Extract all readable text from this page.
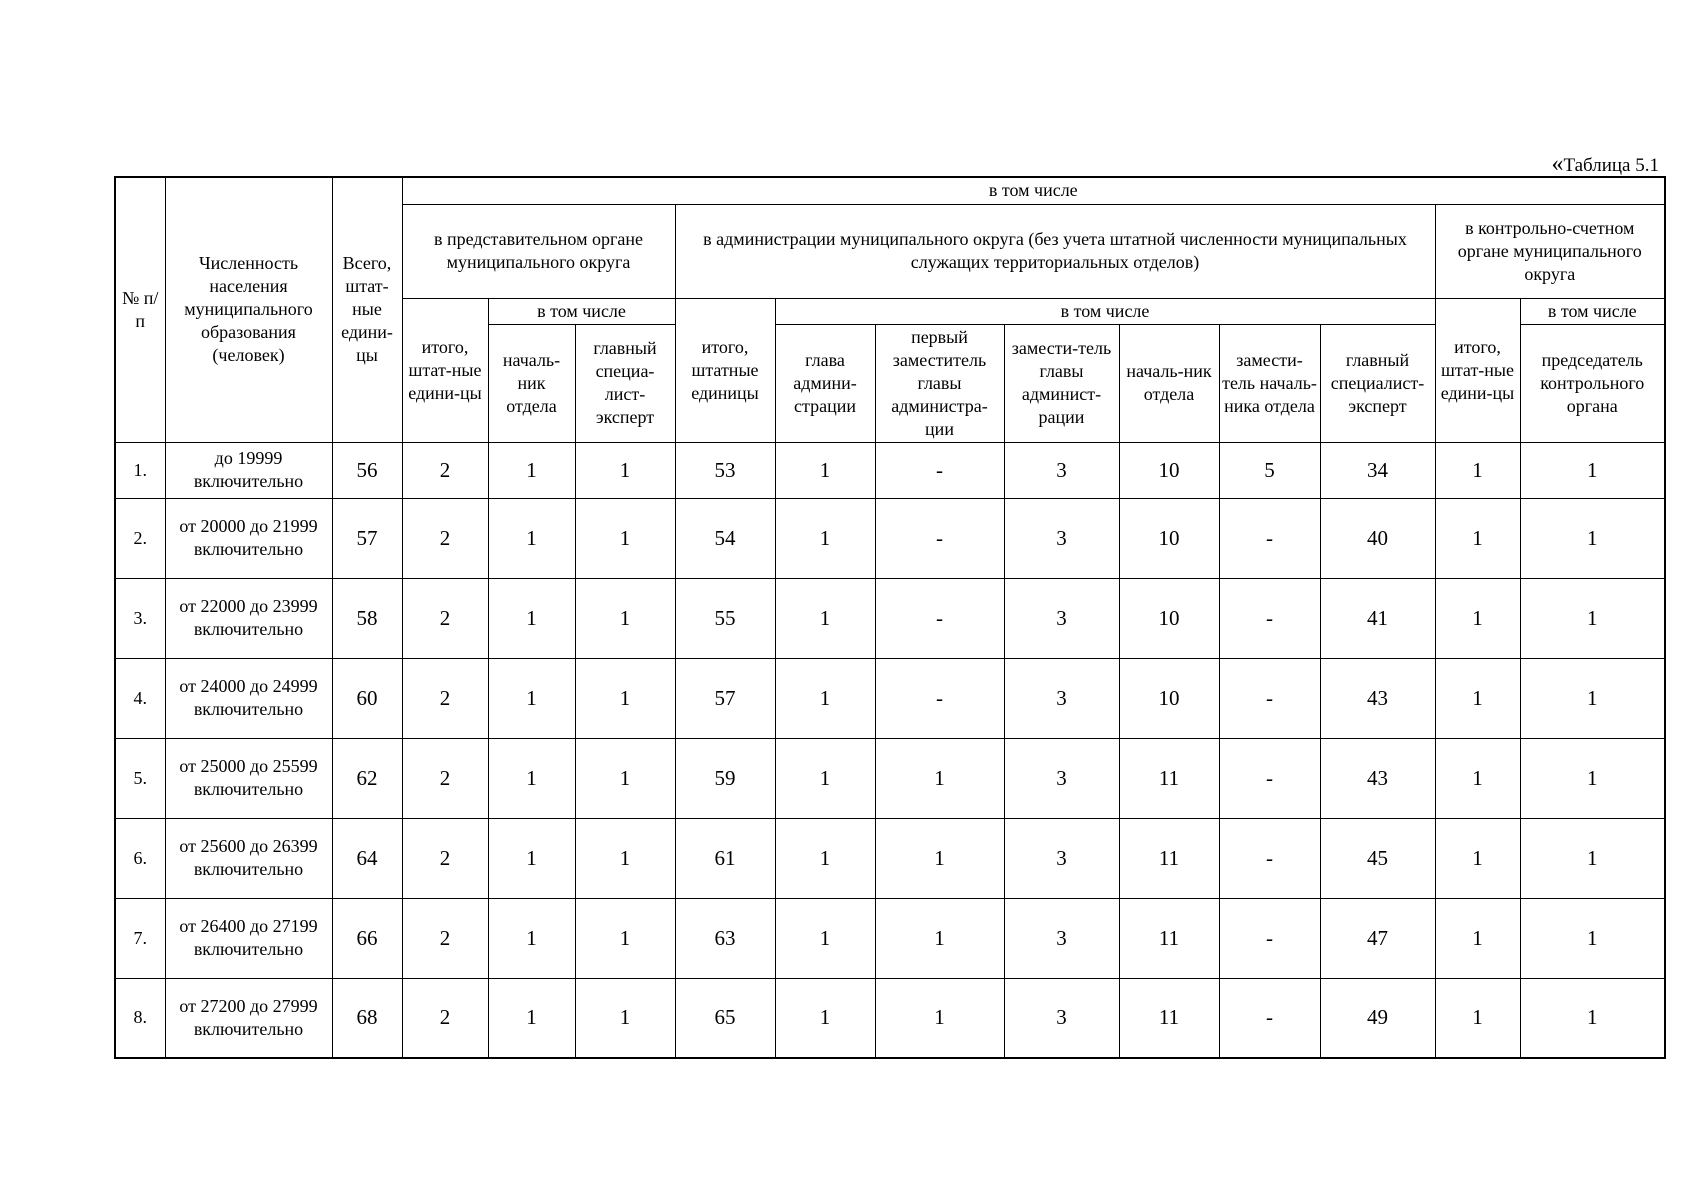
«Таблица 5.1
№ п/п	Численность населения муниципального образования (человек)	Всего, штат-ные едини-цы	в том числе											
			в представительном органе муниципального округа			в администрации муниципального округа (без учета штатной численности муниципальных служащих территориальных отделов)							в контрольно-счетном органе муниципального округа	
			итого, штат-ные едини-цы	в том числе		итого, штатные единицы	в том числе						итого, штат-ные едини-цы	в том числе
				началь-ник отдела	главный специа-лист-эксперт		глава админи-страции	первый заместитель главы администра-ции	замести-тель главы админист-рации	началь-ник отдела	замести-тель началь-ника отдела	главный специалист-эксперт		председатель контрольного органа
1.	до 19999 включительно	56	2	1	1	53	1	-	3	10	5	34	1	1
2.	от 20000 до 21999 включительно	57	2	1	1	54	1	-	3	10	-	40	1	1
3.	от 22000 до 23999 включительно	58	2	1	1	55	1	-	3	10	-	41	1	1
4.	от 24000 до 24999 включительно	60	2	1	1	57	1	-	3	10	-	43	1	1
5.	от 25000 до 25599 включительно	62	2	1	1	59	1	1	3	11	-	43	1	1
6.	от 25600 до 26399 включительно	64	2	1	1	61	1	1	3	11	-	45	1	1
7.	от 26400 до 27199 включительно	66	2	1	1	63	1	1	3	11	-	47	1	1
8.	от 27200 до 27999 включительно	68	2	1	1	65	1	1	3	11	-	49	1	1
